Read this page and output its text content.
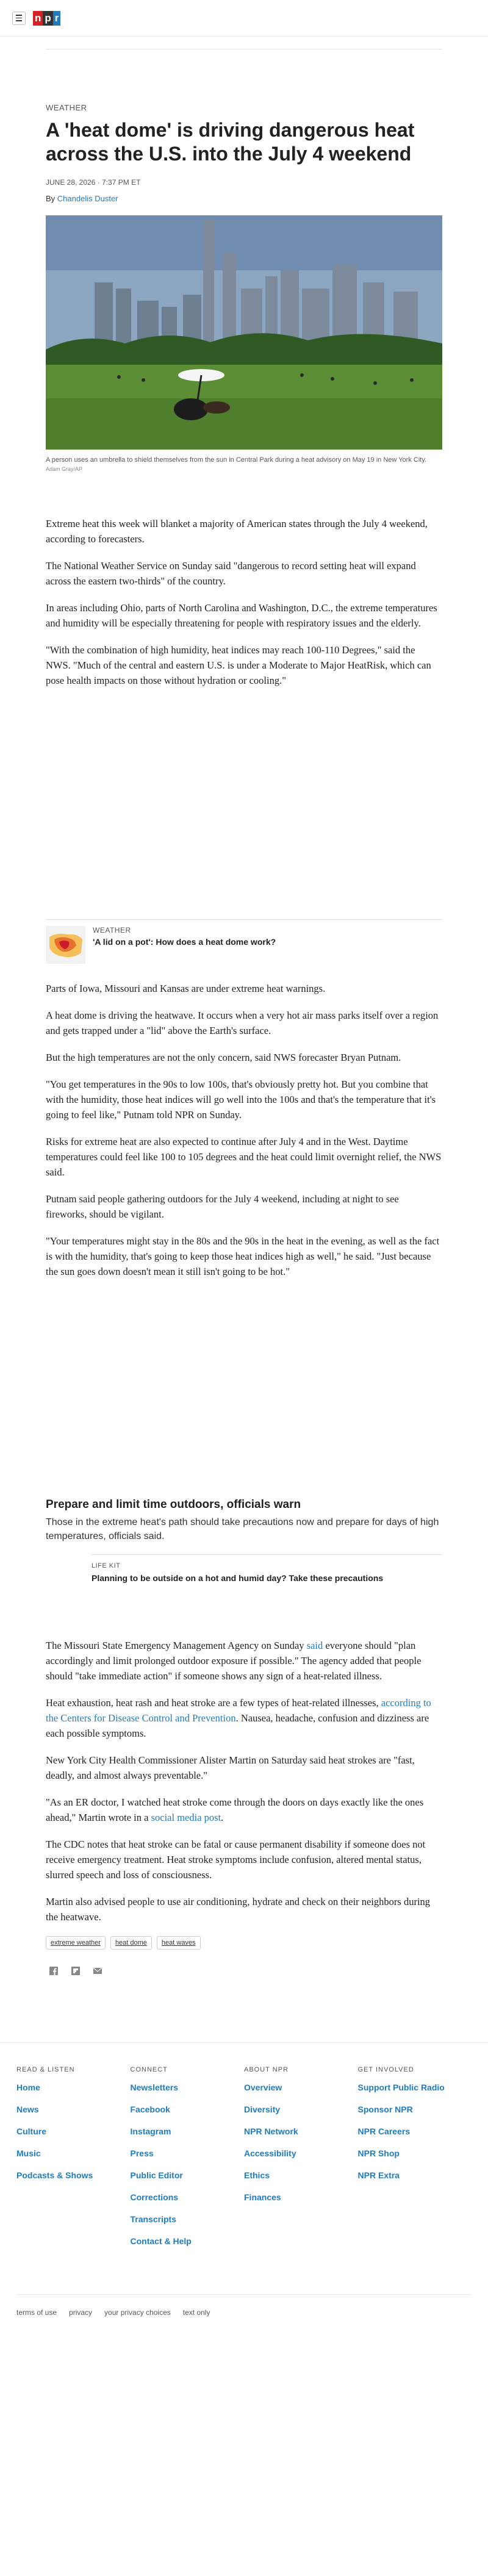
n p r
WEATHER
A 'heat dome' is driving dangerous heat across the U.S. into the July 4 weekend
JUNE 28, 2026 · 7:37 PM ET
By Chandelis Duster
A person uses an umbrella to shield themselves from the sun in Central Park during a heat advisory on May 19 in New York City.
Adam Gray/AP

Extreme heat this week will blanket a majority of American states through the July 4 weekend, according to forecasters.

The National Weather Service on Sunday said "dangerous to record setting heat will expand across the eastern two-thirds" of the country.

In areas including Ohio, parts of North Carolina and Washington, D.C., the extreme temperatures and humidity will be especially threatening for people with respiratory issues and the elderly.

"With the combination of high humidity, heat indices may reach 100-110 Degrees," said the NWS. "Much of the central and eastern U.S. is under a Moderate to Major HeatRisk, which can pose health impacts on those without hydration or cooling."

WEATHER
'A lid on a pot': How does a heat dome work?

Parts of Iowa, Missouri and Kansas are under extreme heat warnings.

A heat dome is driving the heatwave. It occurs when a very hot air mass parks itself over a region and gets trapped under a "lid" above the Earth's surface.

But the high temperatures are not the only concern, said NWS forecaster Bryan Putnam.

"You get temperatures in the 90s to low 100s, that's obviously pretty hot. But you combine that with the humidity, those heat indices will go well into the 100s and that's the temperature that it's going to feel like," Putnam told NPR on Sunday.

Risks for extreme heat are also expected to continue after July 4 and in the West. Daytime temperatures could feel like 100 to 105 degrees and the heat could limit overnight relief, the NWS said.

Putnam said people gathering outdoors for the July 4 weekend, including at night to see fireworks, should be vigilant.

"Your temperatures might stay in the 80s and the 90s in the heat in the evening, as well as the fact is with the humidity, that's going to keep those heat indices high as well," he said. "Just because the sun goes down doesn't mean it still isn't going to be hot."

Prepare and limit time outdoors, officials warn
Those in the extreme heat's path should take precautions now and prepare for days of high temperatures, officials said.
LIFE KIT
Planning to be outside on a hot and humid day? Take these precautions

The Missouri State Emergency Management Agency on Sunday said everyone should "plan accordingly and limit prolonged outdoor exposure if possible." The agency added that people should "take immediate action" if someone shows any sign of a heat-related illness.

Heat exhaustion, heat rash and heat stroke are a few types of heat-related illnesses, according to the Centers for Disease Control and Prevention. Nausea, headache, confusion and dizziness are each possible symptoms.

New York City Health Commissioner Alister Martin on Saturday said heat strokes are "fast, deadly, and almost always preventable."

"As an ER doctor, I watched heat stroke come through the doors on days exactly like the ones ahead," Martin wrote in a social media post.

The CDC notes that heat stroke can be fatal or cause permanent disability if someone does not receive emergency treatment. Heat stroke symptoms include confusion, altered mental status, slurred speech and loss of consciousness.

Martin also advised people to use air conditioning, hydrate and check on their neighbors during the heatwave.

extreme weather	heat dome	heat waves
READ & LISTEN
Home
News
Culture
Music
Podcasts & Shows
CONNECT
Newsletters
Facebook
Instagram
Press
Public Editor
Corrections
Transcripts
Contact & Help
ABOUT NPR
Overview
Diversity
NPR Network
Accessibility
Ethics
Finances
GET INVOLVED
Support Public Radio
Sponsor NPR
NPR Careers
NPR Shop
NPR Extra
terms of use privacy your privacy choices text only
